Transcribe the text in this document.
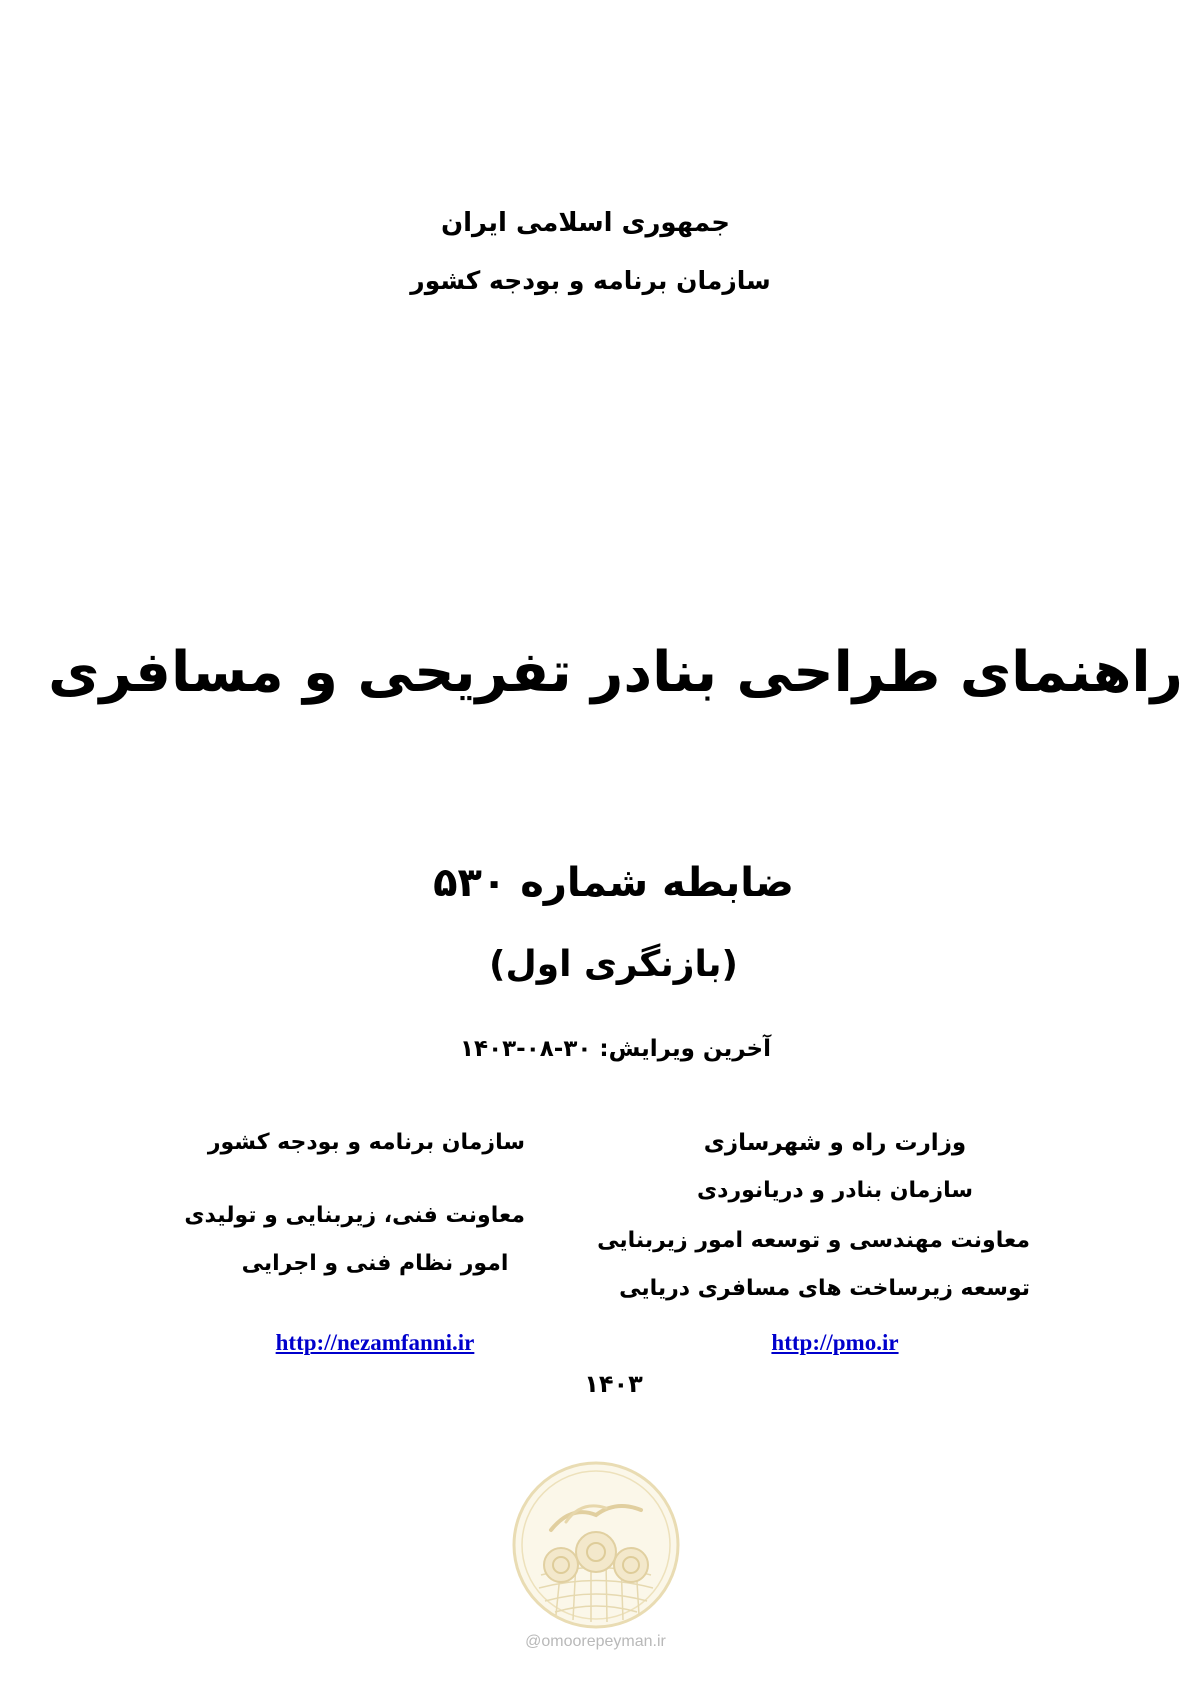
جمهوری اسلامی ایران
سازمان برنامه و بودجه کشور
راهنمای طراحی بنادر تفریحی و مسافری
ضابطه شماره ۵۳۰
(بازنگری اول)
آخرین ویرایش: ۳۰-۰۸-۱۴۰۳
وزارت راه و شهرسازی
سازمان بنادر و دریانوردی
معاونت مهندسی و توسعه امور زیربنایی
توسعه زیرساخت های مسافری دریایی
http://pmo.ir
سازمان برنامه و بودجه کشور
معاونت فنی، زیربنایی و تولیدی
امور نظام فنی و اجرایی
http://nezamfanni.ir
۱۴۰۳
@omoorepeyman.ir
